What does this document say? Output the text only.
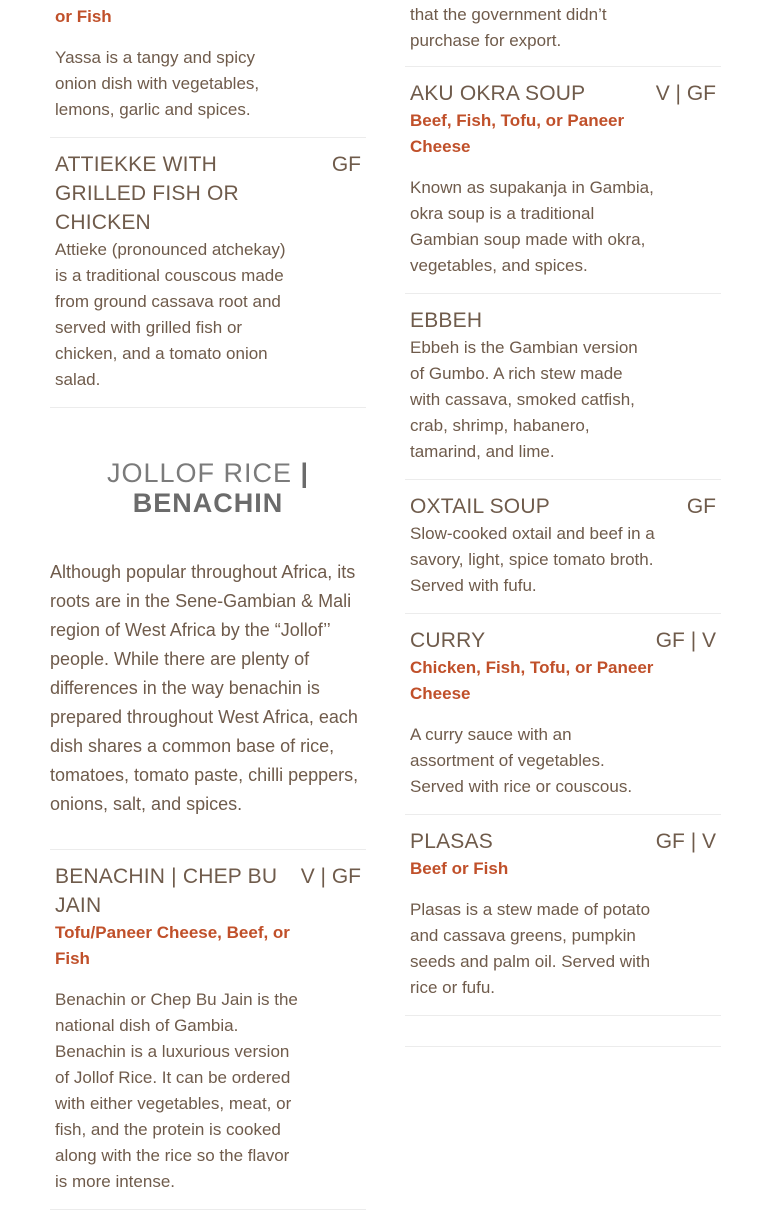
or Fish

Yassa is a tangy and spicy onion dish with vegetables, lemons, garlic and spices.

ATTIEKKE WITH GRILLED FISH OR CHICKEN
GF

Attieke (pronounced atchekay) is a traditional couscous made from ground cassava root and served with grilled fish or chicken, and a tomato onion salad.

JOLLOF RICE |
BENACHIN

Although popular throughout Africa, its roots are in the Sene-Gambian & Mali region of West Africa by the “Jollof’’ people. While there are plenty of differences in the way benachin is prepared throughout West Africa, each dish shares a common base of rice, tomatoes, tomato paste, chilli peppers, onions, salt, and spices.

BENACHIN | CHEP BU JAIN
V | GF

Tofu/Paneer Cheese, Beef, or Fish

Benachin or Chep Bu Jain is the national dish of Gambia. Benachin is a luxurious version of Jollof Rice. It can be ordered with either vegetables, meat, or fish, and the protein is cooked along with the rice so the flavor is more intense.

that the government didn’t purchase for export.

AKU OKRA SOUP	V | GF

Beef, Fish, Tofu, or Paneer Cheese

Known as supakanja in Gambia, okra soup is a traditional Gambian soup made with okra, vegetables, and spices.

EBBEH

Ebbeh is the Gambian version of Gumbo. A rich stew made with cassava, smoked catfish, crab, shrimp, habanero, tamarind, and lime.

OXTAIL SOUP	GF

Slow-cooked oxtail and beef in a savory, light, spice tomato broth. Served with fufu.

CURRY	GF | V

Chicken, Fish, Tofu, or Paneer Cheese

A curry sauce with an assortment of vegetables. Served with rice or couscous.

PLASAS	GF | V

Beef or Fish

Plasas is a stew made of potato and cassava greens, pumpkin seeds and palm oil. Served with rice or fufu.
